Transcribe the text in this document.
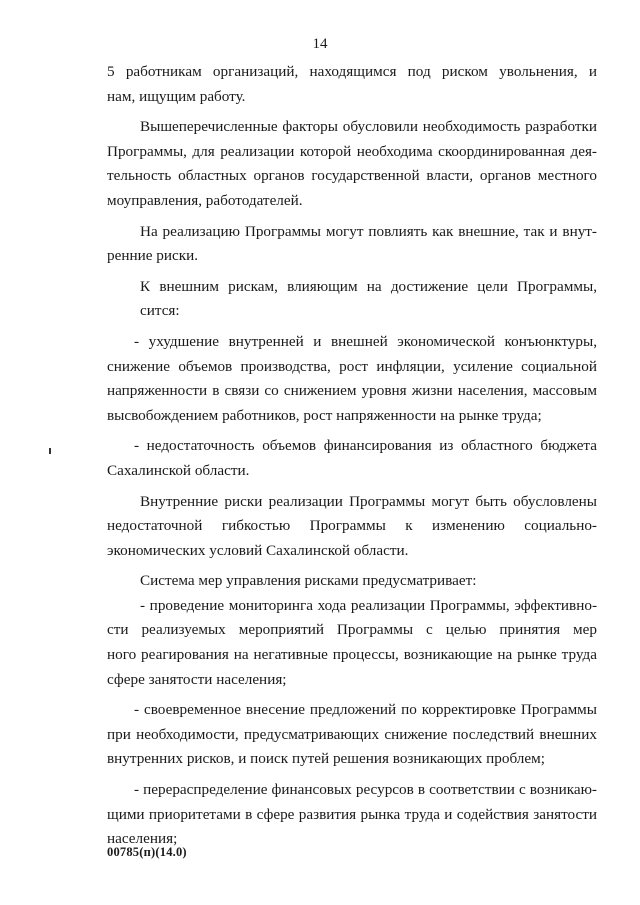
14
5 работникам организаций, находящимся под риском увольнения, и
нам, ищущим работу.
Вышеперечисленные факторы обусловили необходимость разработки
Программы, для реализации которой необходима скоординированная дея-
тельность областных органов государственной власти, органов местного
моуправления, работодателей.
На реализацию Программы могут повлиять как внешние, так и внут-
ренние риски.
К внешним рискам, влияющим на достижение цели Программы,
сится:
- ухудшение внутренней и внешней экономической конъюнктуры,
снижение объемов производства, рост инфляции, усиление социальной
напряженности в связи со снижением уровня жизни населения, массовым
высвобождением работников, рост напряженности на рынке труда;
- недостаточность объемов финансирования из областного бюджета
Сахалинской области.
Внутренние риски реализации Программы могут быть обусловлены
недостаточной гибкостью Программы к изменению социально-
экономических условий Сахалинской области.
Система мер управления рисками предусматривает:
- проведение мониторинга хода реализации Программы, эффективно-
сти реализуемых мероприятий Программы с целью принятия мер
ного реагирования на негативные процессы, возникающие на рынке труда
сфере занятости населения;
- своевременное внесение предложений по корректировке Программы
при необходимости, предусматривающих снижение последствий внешних
внутренних рисков, и поиск путей решения возникающих проблем;
- перераспределение финансовых ресурсов в соответствии с возникаю-
щими приоритетами в сфере развития рынка труда и содействия занятости
населения;
00785(п)(14.0)
